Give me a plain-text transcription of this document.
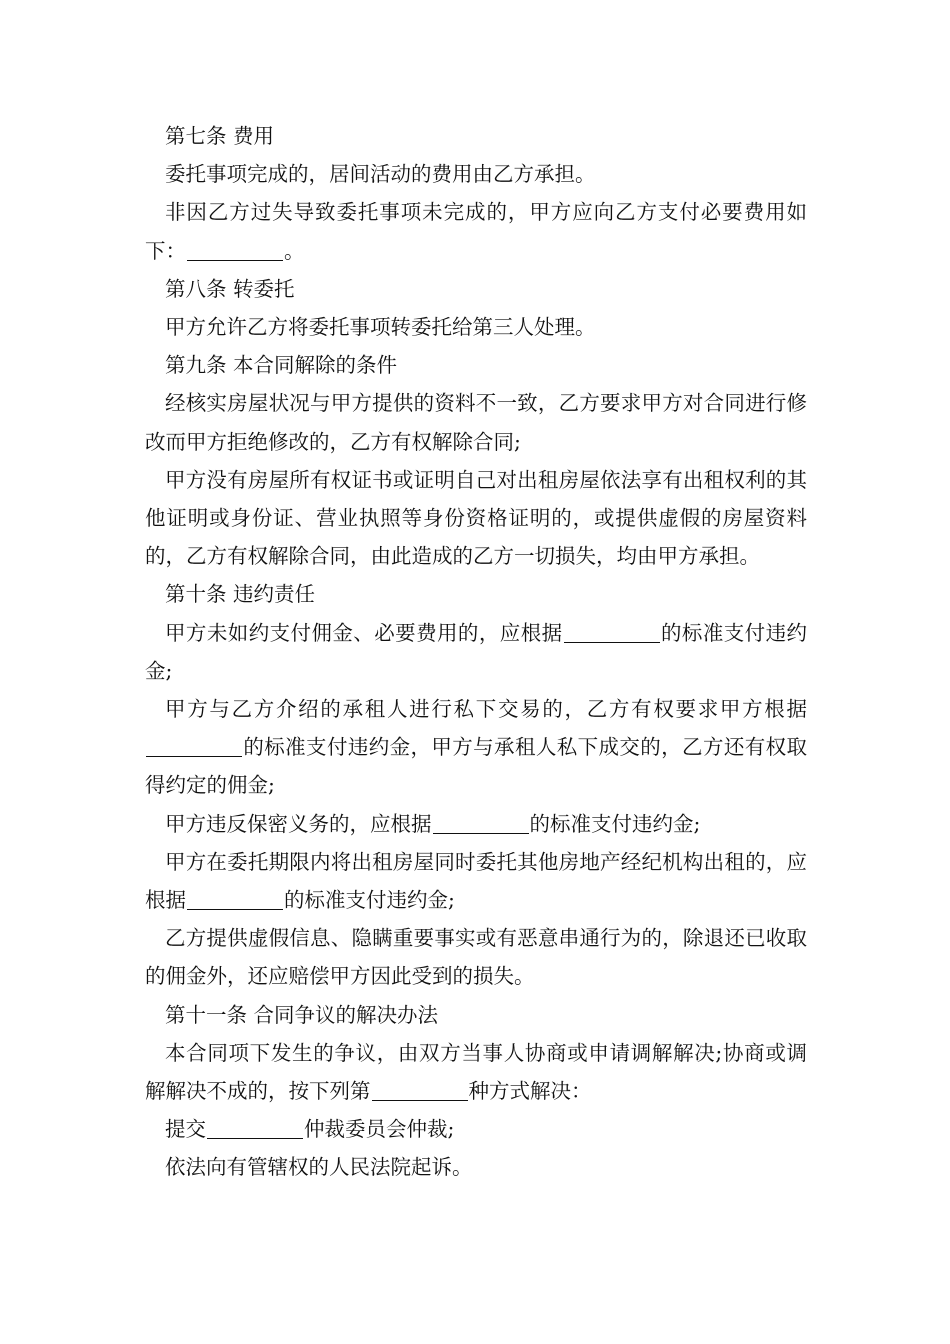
第七条 费用

委托事项完成的，居间活动的费用由乙方承担。

非因乙方过失导致委托事项未完成的，甲方应向乙方支付必要费用如下：	。

第八条 转委托

甲方允许乙方将委托事项转委托给第三人处理。

第九条 本合同解除的条件

经核实房屋状况与甲方提供的资料不一致，乙方要求甲方对合同进行修改而甲方拒绝修改的，乙方有权解除合同;

甲方没有房屋所有权证书或证明自己对出租房屋依法享有出租权利的其他证明或身份证、营业执照等身份资格证明的，或提供虚假的房屋资料的，乙方有权解除合同，由此造成的乙方一切损失，均由甲方承担。

第十条 违约责任

甲方未如约支付佣金、必要费用的，应根据	的标准支付违约金;

甲方与乙方介绍的承租人进行私下交易的，乙方有权要求甲方根据的标准支付违约金，甲方与承租人私下成交的，乙方还有权取得约定的佣金;

甲方违反保密义务的，应根据	的标准支付违约金;

甲方在委托期限内将出租房屋同时委托其他房地产经纪机构出租的，应根据	的标准支付违约金;

乙方提供虚假信息、隐瞒重要事实或有恶意串通行为的，除退还已收取的佣金外，还应赔偿甲方因此受到的损失。

第十一条 合同争议的解决办法

本合同项下发生的争议，由双方当事人协商或申请调解解决;协商或调解解决不成的，按下列第	种方式解决：

提交	仲裁委员会仲裁;

依法向有管辖权的人民法院起诉。
